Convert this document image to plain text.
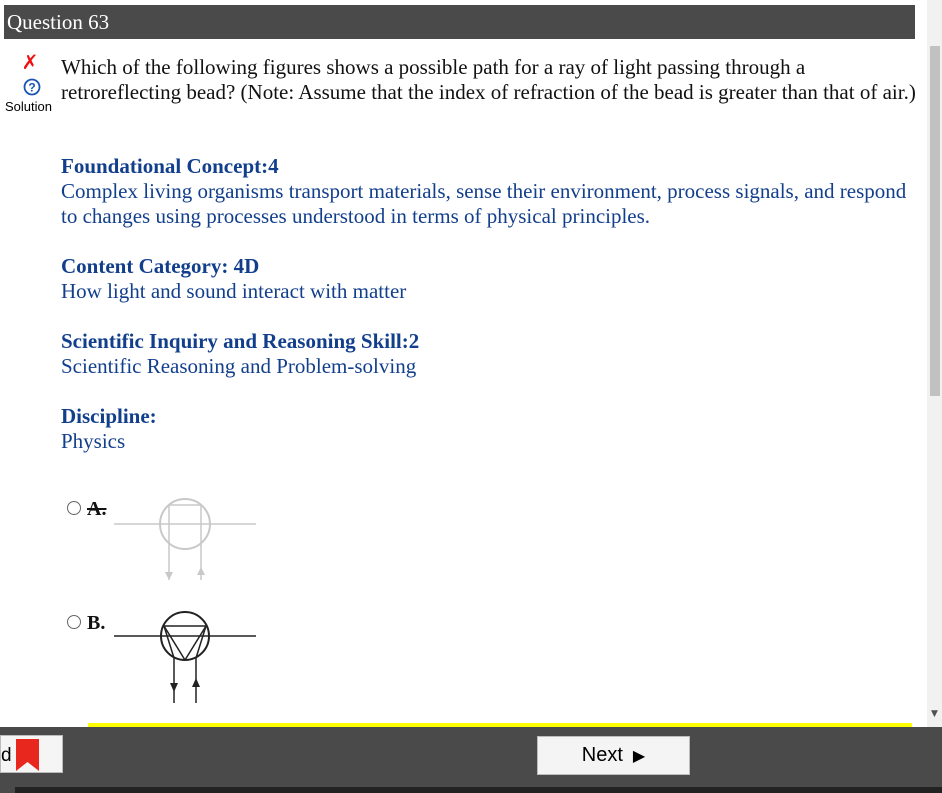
Question 63
▼
✗
?
Solution
Which of the following figures shows a possible path for a ray of light passing through a retroreflecting bead? (Note: Assume that the index of refraction of the bead is greater than that of air.)
Foundational Concept:4
Complex living organisms transport materials, sense their environment, process signals, and respond to changes using processes understood in terms of physical principles.
Content Category: 4D
How light and sound interact with matter
Scientific Inquiry and Reasoning Skill:2
Scientific Reasoning and Problem-solving
Discipline:
Physics
A.
B.
d	Next ▶
